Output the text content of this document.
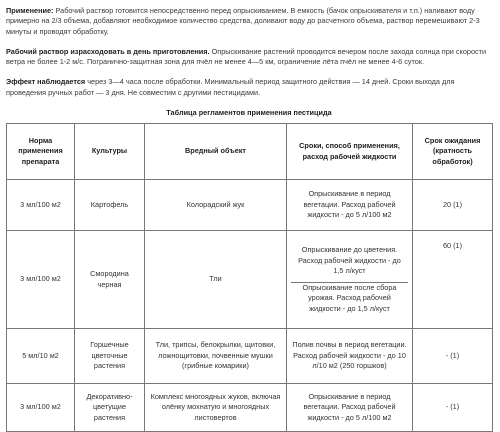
Применение: Рабочий раствор готовится непосредственно перед опрыскиванием. В емкость (бачок опрыскивателя и т.п.) наливают воду примерно на 2/3 объема, добавляют необходимое количество средства, доливают воду до расчетного объема, раствор перемешивают 2-3 минуты и проводят обработку.

Рабочий раствор израсходовать в день приготовления. Опрыскивание растений проводится вечером после захода солнца при скорости ветра не более 1-2 м/с. Погранично-защитная зона для пчёл не менее 4—5 км, ограничение лёта пчёл не менее 4-6 суток.

Эффект наблюдается через 3—4 часа после обработки. Минимальный период защитного действия — 14 дней. Сроки выхода для проведения ручных работ — 3 дня. Не совместим с другими пестицидами.

Таблица регламентов применения пестицида
Норма применения препарата	Культуры	Вредный объект	Сроки, способ применения, расход рабочей жидкости	Срок ожидания (кратность обработок)
3 мл/100 м2	Картофель	Колорадский жук	Опрыскивание в период вегетации. Расход рабочей жидкости - до 5 л/100 м2	20 (1)
3 мл/100 м2	Смородина черная	Тли	Опрыскивание до цветения. Расход рабочей жидкости - до 1,5 л/куст
Опрыскивание после сбора урожая. Расход рабочей жидкости - до 1,5 л/куст	60 (1)
5 мл/10 м2	Горшечные цветочные растения	Тли, трипсы, белокрылки, щитовки, ложнощитовки, почвенные мушки (грибные комарики)	Полив почвы в период вегетации. Расход рабочей жидкости - до 10 л/10 м2 (250 горшков)	- (1)
3 мл/100 м2	Декоративно-цветущие растения	Комплекс многоядных жуков, включая олёнку мохнатую и многоядных листовертов	Опрыскивание в период вегетации. Расход рабочей жидкости - до 5 л/100 м2	- (1)
